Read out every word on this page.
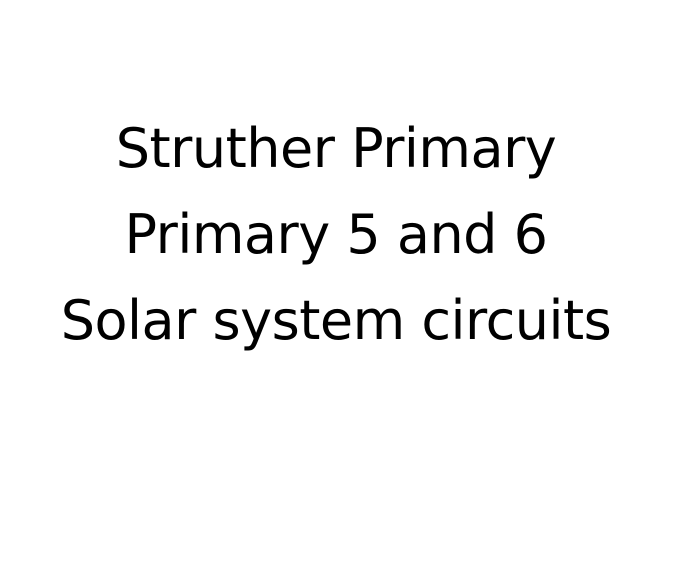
Struther Primary
Primary 5 and 6
Solar system circuits
